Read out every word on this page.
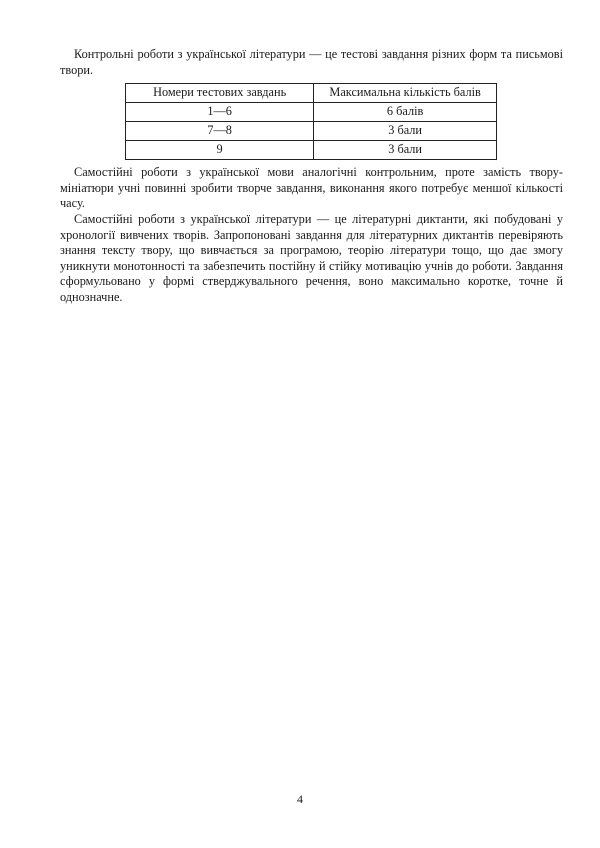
Контрольні роботи з української літератури — це тестові завдання різних форм та письмові твори.

Номери тестових завдань	Максимальна кількість балів
1—6	6 балів
7—8	3 бали
9	3 бали

Самостійні роботи з української мови аналогічні контрольним, проте замість твору-мініатюри учні повинні зробити творче завдання, виконання якого потребує меншої кількості часу.

Самостійні роботи з української літератури — це літературні диктанти, які побудовані у хронології вивчених творів. Запропоновані завдання для літературних диктантів перевіряють знання тексту твору, що вивчається за програмою, теорію літератури тощо, що дає змогу уникнути монотонності та забезпечить постійну й стійку мотивацію учнів до роботи. Завдання сформульовано у формі стверджувального речення, воно максимально коротке, точне й однозначне.

4
